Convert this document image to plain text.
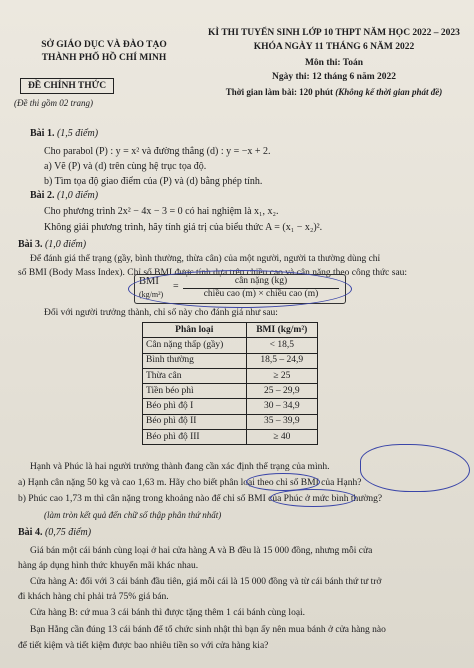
SỞ GIÁO DỤC VÀ ĐÀO TẠO
THÀNH PHỐ HỒ CHÍ MINH
ĐỀ CHÍNH THỨC
(Đề thi gồm 02 trang)
KÌ THI TUYỂN SINH LỚP 10 THPT NĂM HỌC 2022 – 2023
KHÓA NGÀY 11 THÁNG 6 NĂM 2022
Môn thi: Toán
Ngày thi: 12 tháng 6 năm 2022
Thời gian làm bài: 120 phút (Không kể thời gian phát đề)
Bài 1. (1,5 điểm)
Cho parabol (P) : y = x² và đường thẳng (d) : y = −x + 2.
a) Vẽ (P) và (d) trên cùng hệ trục tọa độ.
b) Tìm tọa độ giao điểm của (P) và (d) bằng phép tính.
Bài 2. (1,0 điểm)
Cho phương trình 2x² − 4x − 3 = 0 có hai nghiệm là x₁, x₂.
Không giải phương trình, hãy tính giá trị của biểu thức A = (x₁ − x₂)².
Bài 3. (1,0 điểm)
Để đánh giá thể trạng (gầy, bình thường, thừa cân) của một người, người ta thường dùng chỉ
số BMI (Body Mass Index). Chỉ số BMI được tính dựa trên chiều cao và cân nặng theo công thức sau:
BMI
(kg/m²)
=	cân nặng (kg)
chiều cao (m) × chiều cao (m)
Đối với người trưởng thành, chỉ số này cho đánh giá như sau:
Phân loại	BMI (kg/m²)
Cân nặng thấp (gầy)	< 18,5
Bình thường	18,5 – 24,9
Thừa cân	≥ 25
Tiền béo phì	25 – 29,9
Béo phì độ I	30 – 34,9
Béo phì độ II	35 – 39,9
Béo phì độ III	≥ 40
Hạnh và Phúc là hai người trưởng thành đang cần xác định thể trạng của mình.
a) Hạnh cân nặng 50 kg và cao 1,63 m. Hãy cho biết phân loại theo chỉ số BMI của Hạnh?
b) Phúc cao 1,73 m thì cân nặng trong khoảng nào để chỉ số BMI của Phúc ở mức bình thường?
(làm tròn kết quả đến chữ số thập phân thứ nhất)
Bài 4. (0,75 điểm)
Giá bán một cái bánh cùng loại ở hai cửa hàng A và B đều là 15 000 đồng, nhưng mỗi cửa
hàng áp dụng hình thức khuyến mãi khác nhau.
Cửa hàng A: đối với 3 cái bánh đầu tiên, giá mỗi cái là 15 000 đồng và từ cái bánh thứ tư trở
đi khách hàng chỉ phải trả 75% giá bán.
Cửa hàng B: cứ mua 3 cái bánh thì được tặng thêm 1 cái bánh cùng loại.
Bạn Hằng cần đúng 13 cái bánh để tổ chức sinh nhật thì bạn ấy nên mua bánh ở cửa hàng nào
để tiết kiệm và tiết kiệm được bao nhiêu tiền so với cửa hàng kia?
